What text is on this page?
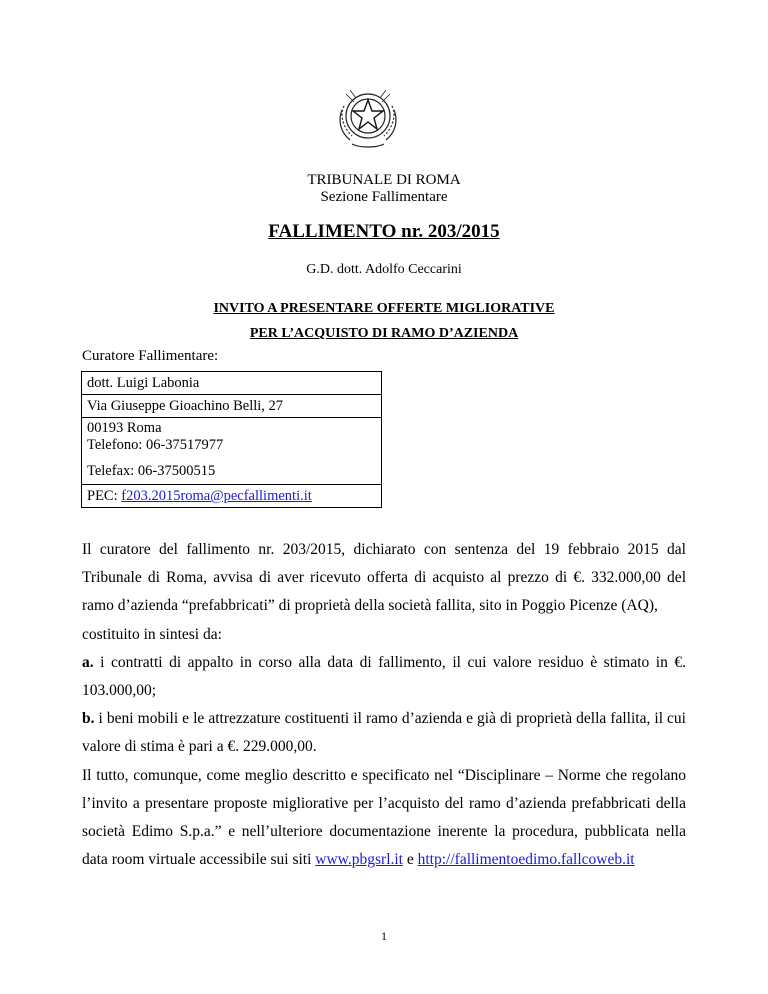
TRIBUNALE DI ROMA
Sezione Fallimentare
FALLIMENTO nr. 203/2015
G.D. dott. Adolfo Ceccarini
INVITO A PRESENTARE OFFERTE MIGLIORATIVE
PER L’ACQUISTO DI RAMO D’AZIENDA
Curatore Fallimentare:
dott. Luigi Labonia
Via Giuseppe Gioachino Belli, 27
00193 Roma
Telefono: 06-37517977
Telefax: 06-37500515
PEC: f203.2015roma@pecfallimenti.it

Il curatore del fallimento nr. 203/2015, dichiarato con sentenza del 19 febbraio 2015 dal Tribunale di Roma, avvisa di aver ricevuto offerta di acquisto al prezzo di €. 332.000,00 del ramo d’azienda “prefabbricati” di proprietà della società fallita, sito in Poggio Picenze (AQ),

costituito in sintesi da:

a. i contratti di appalto in corso alla data di fallimento, il cui valore residuo è stimato in €. 103.000,00;

b. i beni mobili e le attrezzature costituenti il ramo d’azienda e già di proprietà della fallita, il cui valore di stima è pari a €. 229.000,00.

Il tutto, comunque, come meglio descritto e specificato nel “Disciplinare – Norme che regolano l’invito a presentare proposte migliorative per l’acquisto del ramo d’azienda prefabbricati della società Edimo S.p.a.” e nell’ulteriore documentazione inerente la procedura, pubblicata nella data room virtuale accessibile sui siti www.pbgsrl.it e http://fallimentoedimo.fallcoweb.it

1
